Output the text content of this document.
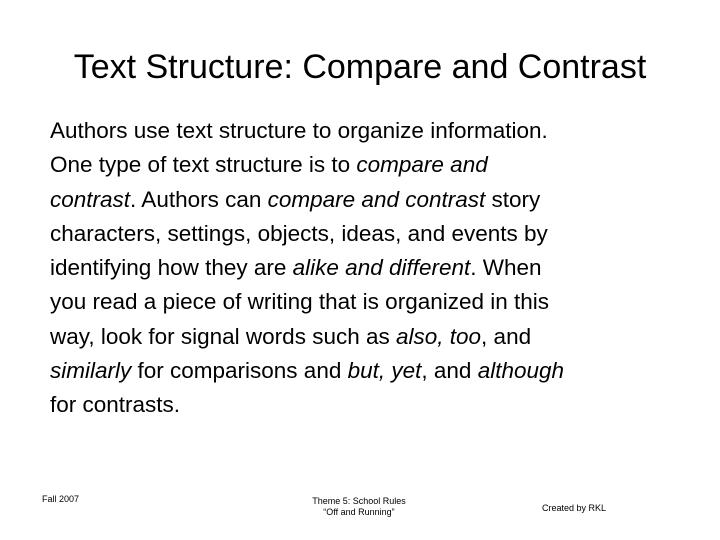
Text Structure: Compare and Contrast
Authors use text structure to organize information.
One type of text structure is to compare and
contrast. Authors can compare and contrast story
characters, settings, objects, ideas, and events by
identifying how they are alike and different. When
you read a piece of writing that is organized in this
way, look for signal words such as also, too, and
similarly for comparisons and but, yet, and although
for contrasts.
Fall 2007	Theme 5: School Rules
“Off and Running”	Created by RKL
